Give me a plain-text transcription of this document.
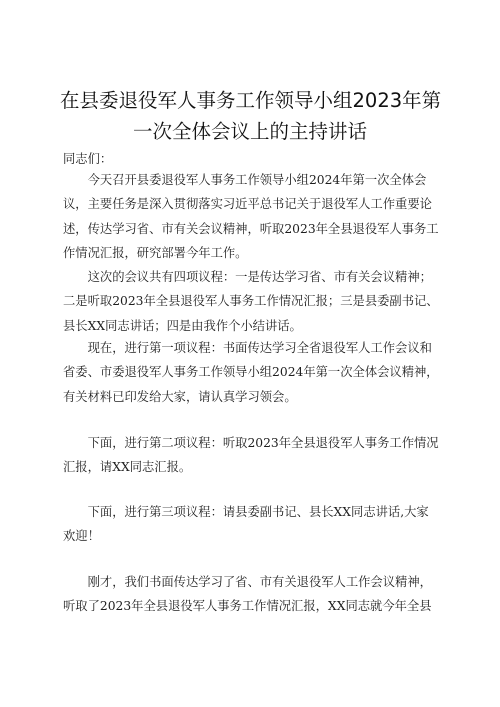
在县委退役军人事务工作领导小组2023年第
一次全体会议上的主持讲话
同志们：
　　今天召开县委退役军人事务工作领导小组2024年第一次全体会
议，主要任务是深入贯彻落实习近平总书记关于退役军人工作重要论
述，传达学习省、市有关会议精神，听取2023年全县退役军人事务工
作情况汇报，研究部署今年工作。
　　这次的会议共有四项议程：一是传达学习省、市有关会议精神；
二是听取2023年全县退役军人事务工作情况汇报；三是县委副书记、
县长XX同志讲话；四是由我作个小结讲话。
　　现在，进行第一项议程：书面传达学习全省退役军人工作会议和
省委、市委退役军人事务工作领导小组2024年第一次全体会议精神，
有关材料已印发给大家，请认真学习领会。
　　下面，进行第二项议程：听取2023年全县退役军人事务工作情况
汇报，请XX同志汇报。
　　下面，进行第三项议程：请县委副书记、县长XX同志讲话,大家
欢迎！
　　刚才，我们书面传达学习了省、市有关退役军人工作会议精神，
听取了2023年全县退役军人事务工作情况汇报，XX同志就今年全县
